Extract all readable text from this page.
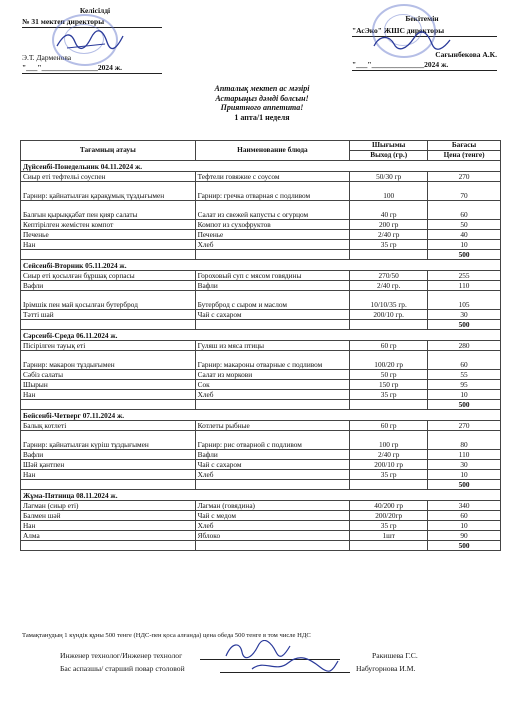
Келісілді
№ 31 мектеп директоры
Э.Т. Дарменова
"___"_______________2024 ж.
Бекітемін
"АсЭко" ЖШС директоры
Сағынбекова А.К.
"___"______________2024 ж.
Апталық мектеп ас мәзірі
Астарыңыз дәмді болсын!
Приятного аппетита!
1 апта/1 неделя
Тағамның атауы	Наименование блюда	Шығымы	Бағасы
		Выход (гр.)	Цена (тенге)
Дүйсенбі-Понедельник 04.11.2024 ж.			
Сиыр еті тефтельі соуспен	Тефтели говяжие с соусом	50/30 гр	270
Гарнир: қайнатылған қарақұмық тұздығымен	Гарнир: гречка отварная с подливом	100	70
Балғын қырыққабат пен қияр салаты	Салат из свежей капусты с огурцом	40 гр	60
Кептірілген жемістен компот	Компот из сухофруктов	200 гр	50
Печенье	Печенье	2/40 гр	40
Нан	Хлеб	35 гр	10
			500
Сейсенбі-Вторник 05.11.2024 ж.			
Сиыр еті қосылған бұршақ сорпасы	Гороховый суп с мясом говядины	270/50	255
Вафли	Вафли	2/40 гр.	110
Ірімшік пен май қосылған бутерброд	Бутерброд с сыром и маслом	10/10/35 гр.	105
Тәтті шай	Чай с сахаром	200/10 гр.	30
			500
Сәрсенбі-Среда 06.11.2024 ж.			
Пісірілген тауық еті	Гуляш из мяса птицы	60 гр	280
Гарнир: макарон тұздығымен	Гарнир: макароны отварные с подливом	100/20 гр	60
Сәбіз салаты	Салат из моркови	50 гр	55
Шырын	Сок	150 гр	95
Нан	Хлеб	35 гр	10
			500
Бейсенбі-Четверг 07.11.2024 ж.			
Балық котлеті	Котлеты рыбные	60 гр	270
Гарнир: қайнатылған күріш тұздығымен	Гарнир: рис отварной с подливом	100 гр	80
Вафли	Вафли	2/40 гр	110
Шәй қантпен	Чай с сахаром	200/10 гр	30
Нан	Хлеб	35 гр	10
			500
Жұма-Пятница 08.11.2024 ж.			
Лагман (сиыр еті)	Лагман (говядина)	40/200 гр	340
Балмен шәй	Чай с медом	200/20гр	60
Нан	Хлеб	35 гр	10
Алма	Яблоко	1шт	90
			500
Тамақтанудың 1 күндік құны 500 тенге (НДС-пен қоса алғанда) цена обеда 500 тенге в том числе НДС
Инженер технолог/Инженер технолог	Ракишева Г.С.
Бас аспазшы/ старший повар столовой	Набугорнова И.М.
